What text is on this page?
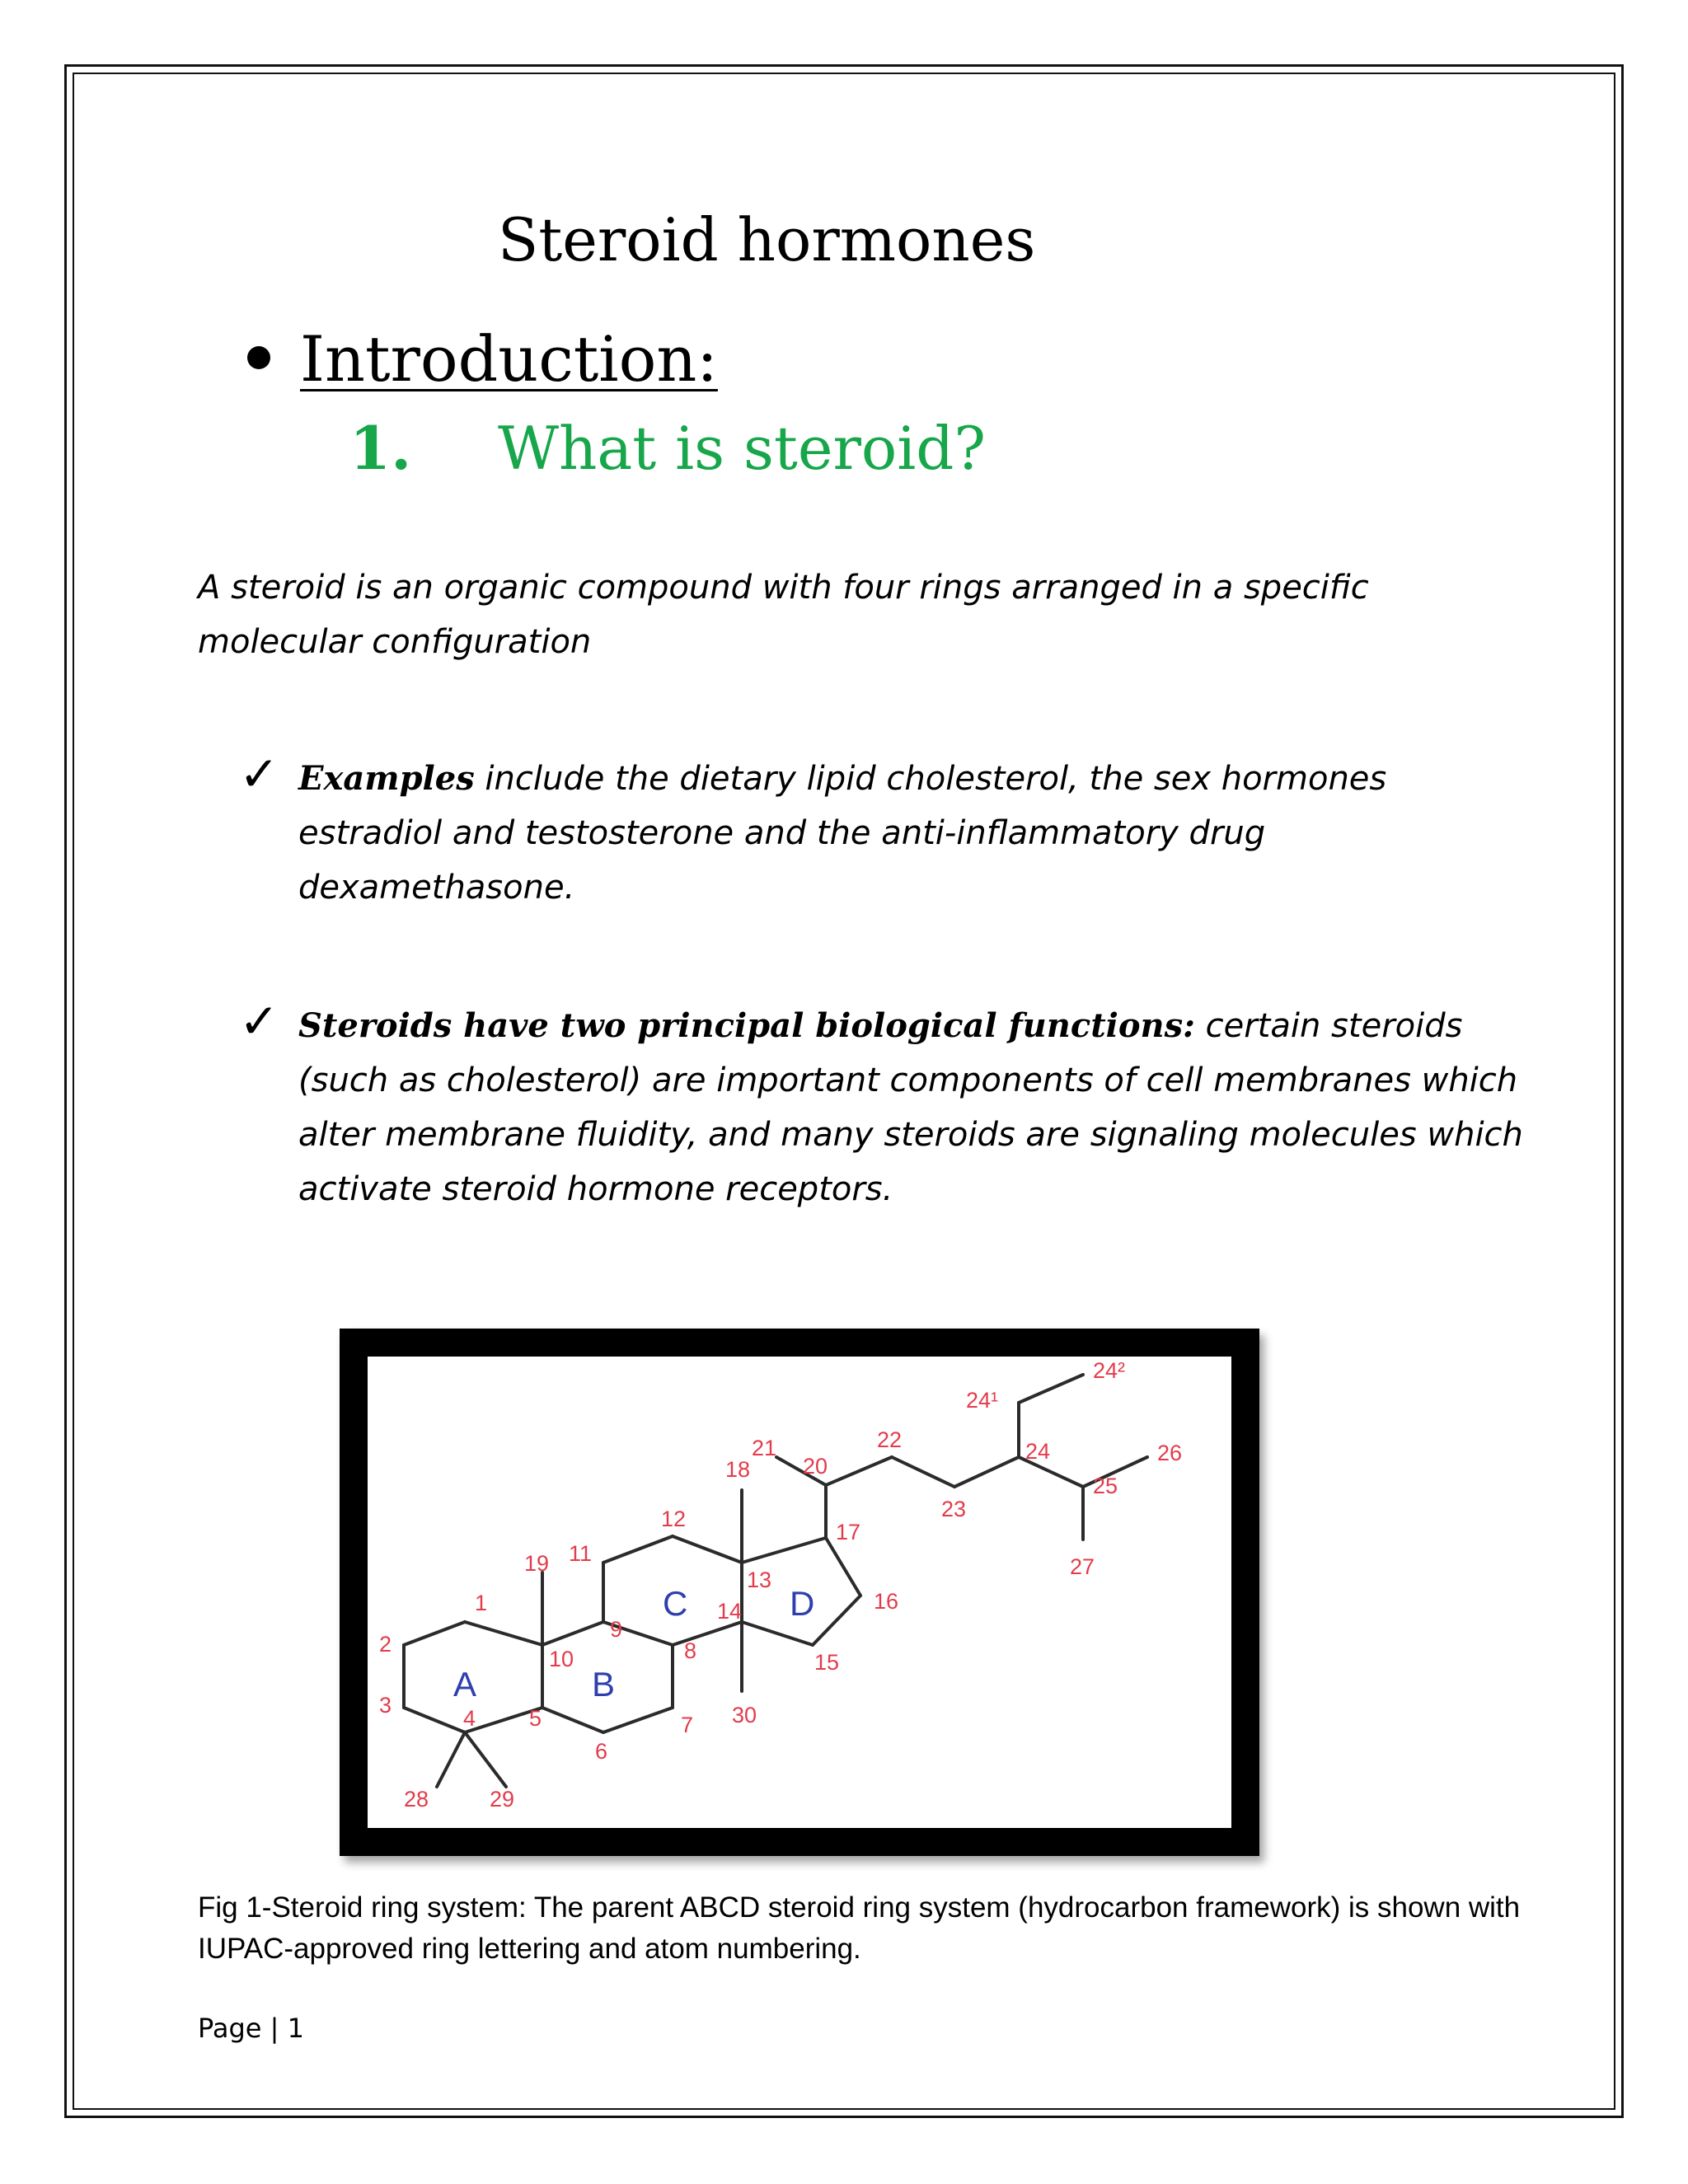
Steroid hormones
Introduction:
1. What is steroid?
A steroid is an organic compound with four rings arranged in a specific molecular configuration
✓ Examples include the dietary lipid cholesterol, the sex hormones estradiol and testosterone and the anti-inflammatory drug dexamethasone.
✓ Steroids have two principal biological functions: certain steroids (such as cholesterol) are important components of cell membranes which alter membrane fluidity, and many steroids are signaling molecules which activate steroid hormone receptors.
1
2
3
4 5
6
7
8
9
10
11
12
13
14
15
16
17
18
19
20
21	22
23
24
24¹
24²
25
26
27
28	29
30
A	B
C	D
Fig 1-Steroid ring system: The parent ABCD steroid ring system (hydrocarbon framework) is shown with IUPAC-approved ring lettering and atom numbering.
Page | 1
